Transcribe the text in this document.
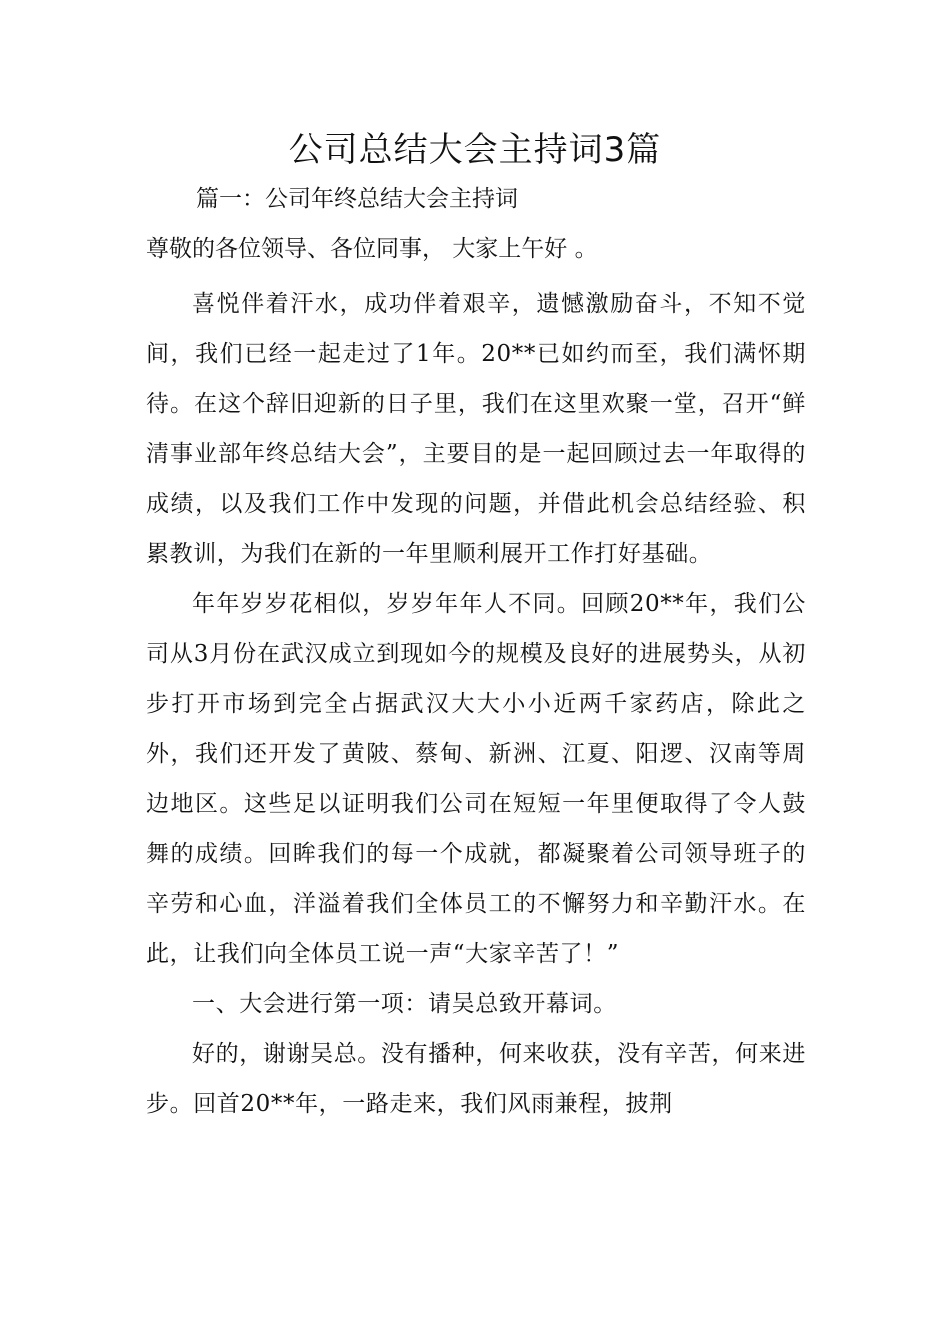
公司总结大会主持词3篇
篇一：公司年终总结大会主持词
尊敬的各位领导、各位同事， 大家上午好 。

喜悦伴着汗水，成功伴着艰辛，遗憾激励奋斗，不知不觉间，我们已经一起走过了1年。20**已如约而至，我们满怀期待。在这个辞旧迎新的日子里，我们在这里欢聚一堂，召开“鲜清事业部年终总结大会”，主要目的是一起回顾过去一年取得的成绩，以及我们工作中发现的问题，并借此机会总结经验、积累教训，为我们在新的一年里顺利展开工作打好基础。

年年岁岁花相似，岁岁年年人不同。回顾20**年，我们公司从3月份在武汉成立到现如今的规模及良好的进展势头，从初步打开市场到完全占据武汉大大小小近两千家药店，除此之外，我们还开发了黄陂、蔡甸、新洲、江夏、阳逻、汉南等周边地区。这些足以证明我们公司在短短一年里便取得了令人鼓舞的成绩。回眸我们的每一个成就，都凝聚着公司领导班子的辛劳和心血，洋溢着我们全体员工的不懈努力和辛勤汗水。在此，让我们向全体员工说一声“大家辛苦了！”

一、大会进行第一项：请吴总致开幕词。

好的，谢谢吴总。没有播种，何来收获，没有辛苦，何来进步。回首20**年，一路走来，我们风雨兼程，披荆
